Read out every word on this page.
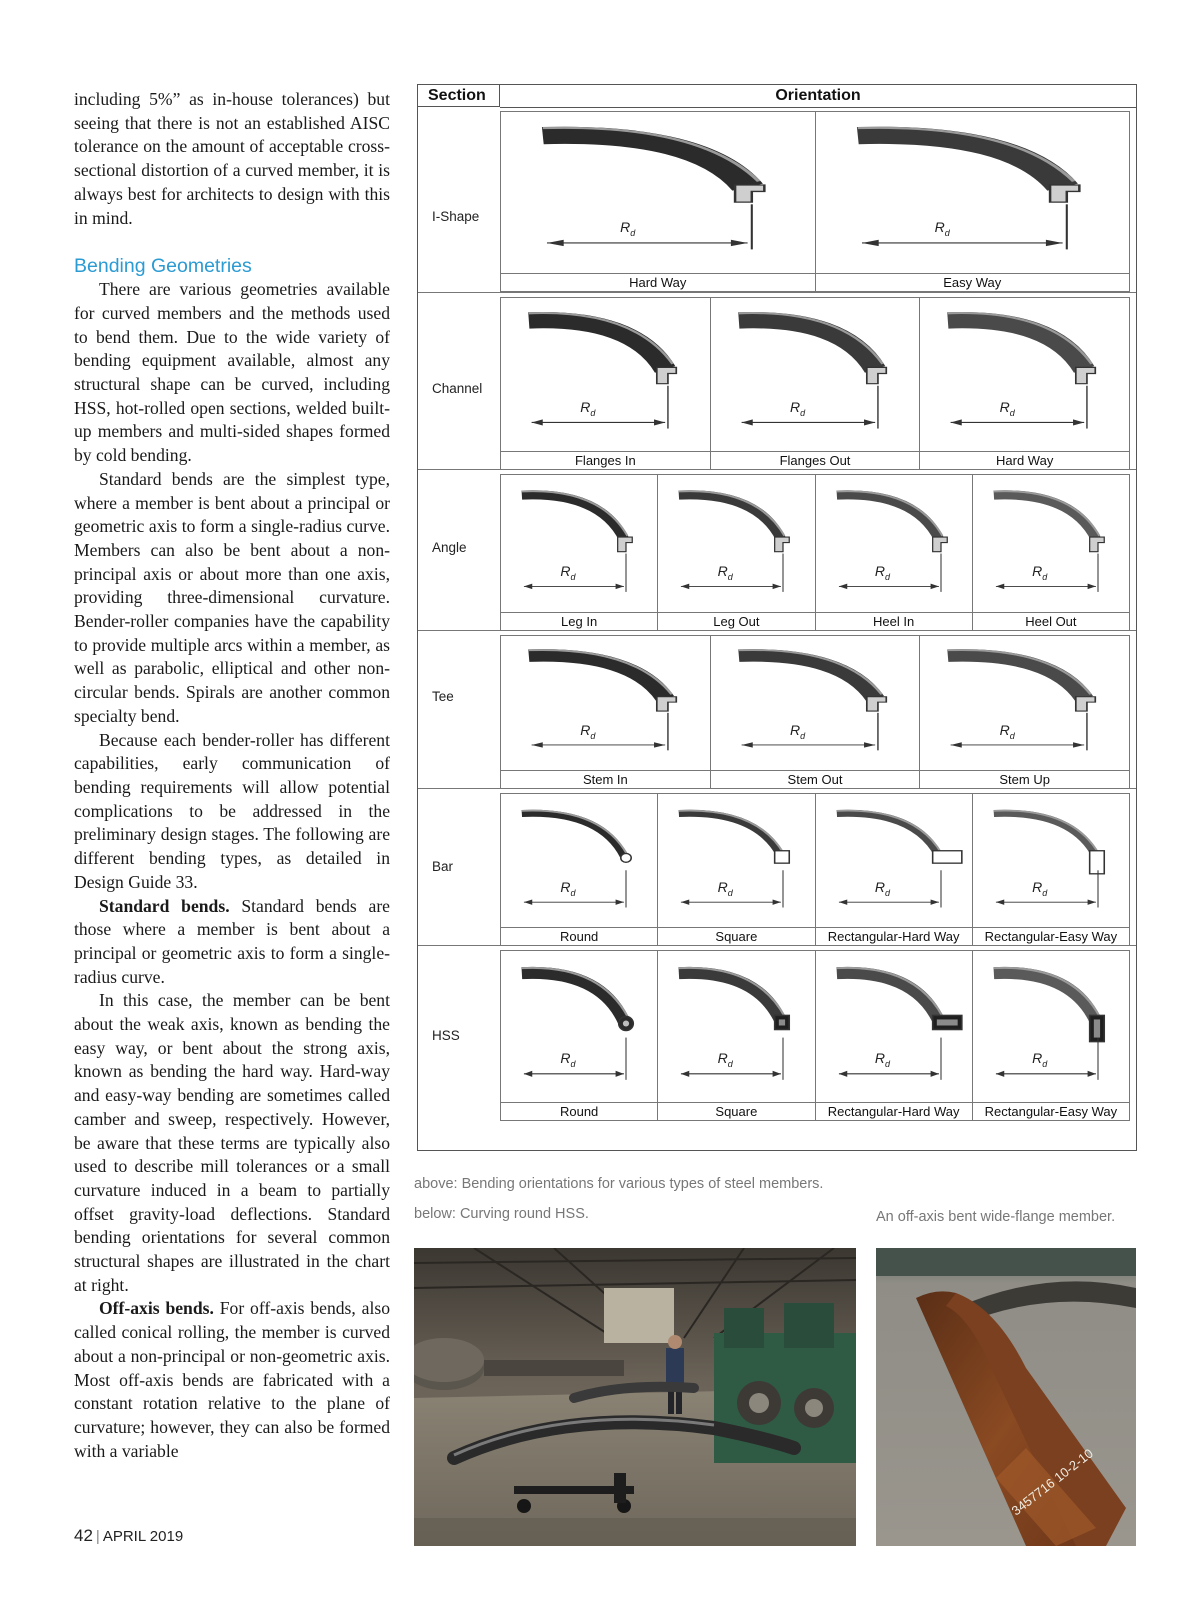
including 5%” as in-house tolerances) but seeing that there is not an established AISC tolerance on the amount of acceptable cross-sectional distortion of a curved member, it is always best for architects to design with this in mind.

Bending Geometries

There are various geometries available for curved members and the methods used to bend them. Due to the wide variety of bending equipment available, almost any structural shape can be curved, including HSS, hot-rolled open sections, welded built-up members and multi-sided shapes formed by cold bending.

Standard bends are the simplest type, where a member is bent about a principal or geometric axis to form a single-radius curve. Members can also be bent about a non-principal axis or about more than one axis, providing three-dimensional curvature. Bender-roller companies have the capability to provide multiple arcs within a member, as well as parabolic, elliptical and other non-circular bends. Spirals are another common specialty bend.

Because each bender-roller has different capabilities, early communication of bending requirements will allow potential complications to be addressed in the preliminary design stages. The following are different bending types, as detailed in Design Guide 33.

Standard bends. Standard bends are those where a member is bent about a principal or geometric axis to form a single-radius curve.

In this case, the member can be bent about the weak axis, known as bending the easy way, or bent about the strong axis, known as bending the hard way. Hard-way and easy-way bending are sometimes called camber and sweep, respectively. However, be aware that these terms are typically also used to describe mill tolerances or a small curvature induced in a beam to partially offset gravity-load deflections. Standard bending orientations for several common structural shapes are illustrated in the chart at right.

Off-axis bends. For off-axis bends, also called conical rolling, the member is curved about a non-principal or non-geometric axis. Most off-axis bends are fabricated with a constant rotation relative to the plane of curvature; however, they can also be formed with a variable

42 | APRIL 2019
Section	Orientation
I-Shape
$R_d$
Hard Way
$R_d$
Easy Way
Channel
$R_d$
Flanges In
$R_d$
Flanges Out
$R_d$
Hard Way
Angle
$R_d$
Leg In
$R_d$
Leg Out
$R_d$
Heel In
$R_d$
Heel Out
Tee
$R_d$
Stem In
$R_d$
Stem Out
$R_d$
Stem Up
Bar
$R_d$
Round
$R_d$
Square
$R_d$
Rectangular-Hard Way
$R_d$
Rectangular-Easy Way
HSS
$R_d$
Round
$R_d$
Square
$R_d$
Rectangular-Hard Way
$R_d$
Rectangular-Easy Way
above: Bending orientations for various types of steel members.
below: Curving round HSS.	An off-axis bent wide-flange member.
3457716 10-2-10
